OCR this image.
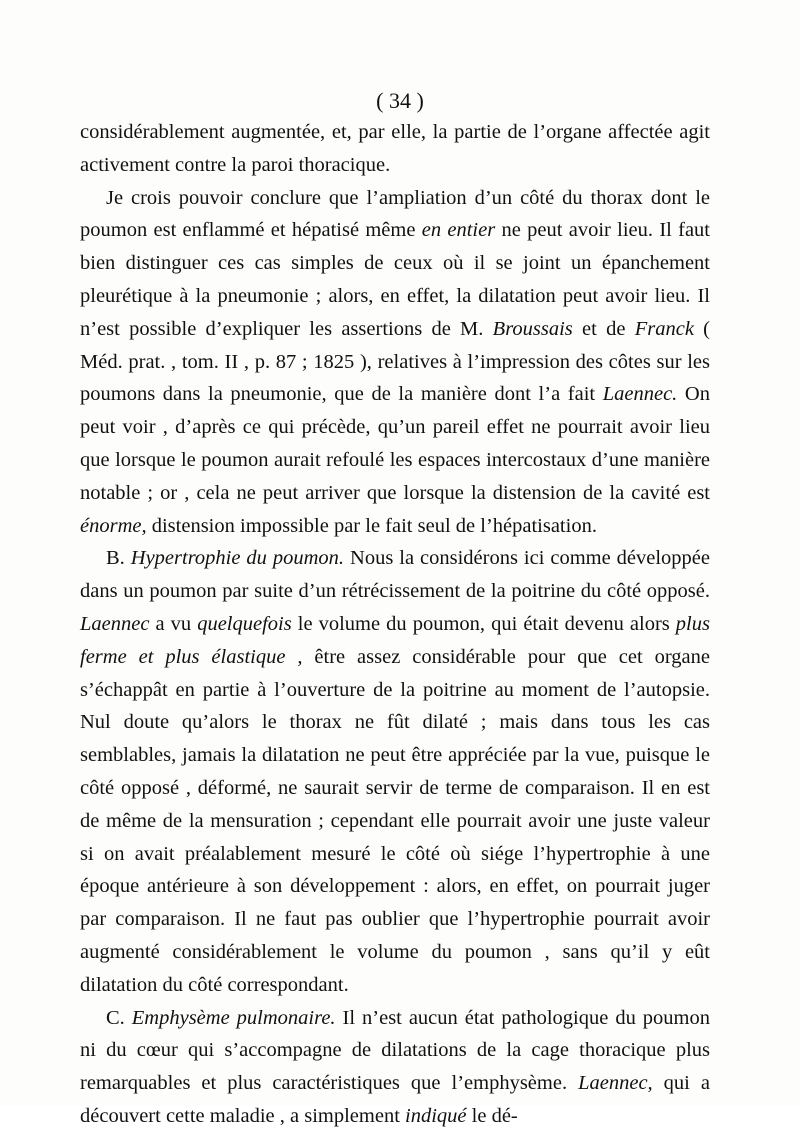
( 34 )

considérablement augmentée, et, par elle, la partie de l’organe affectée agit activement contre la paroi thoracique.

Je crois pouvoir conclure que l’ampliation d’un côté du thorax dont le poumon est enflammé et hépatisé même en entier ne peut avoir lieu. Il faut bien distinguer ces cas simples de ceux où il se joint un épanchement pleurétique à la pneumonie ; alors, en effet, la dilatation peut avoir lieu. Il n’est possible d’expliquer les assertions de M. Broussais et de Franck ( Méd. prat. , tom. II , p. 87 ; 1825 ), relatives à l’impression des côtes sur les poumons dans la pneumonie, que de la manière dont l’a fait Laennec. On peut voir , d’après ce qui précède, qu’un pareil effet ne pourrait avoir lieu que lorsque le poumon aurait refoulé les espaces intercostaux d’une manière notable ; or , cela ne peut arriver que lorsque la distension de la cavité est énorme, distension impossible par le fait seul de l’hépatisation.

B. Hypertrophie du poumon. Nous la considérons ici comme développée dans un poumon par suite d’un rétrécissement de la poitrine du côté opposé. Laennec a vu quelquefois le volume du poumon, qui était devenu alors plus ferme et plus élastique , être assez considérable pour que cet organe s’échappât en partie à l’ouverture de la poitrine au moment de l’autopsie. Nul doute qu’alors le thorax ne fût dilaté ; mais dans tous les cas semblables, jamais la dilatation ne peut être appréciée par la vue, puisque le côté opposé , déformé, ne saurait servir de terme de comparaison. Il en est de même de la mensuration ; cependant elle pourrait avoir une juste valeur si on avait préalablement mesuré le côté où siége l’hypertrophie à une époque antérieure à son développement : alors, en effet, on pourrait juger par comparaison. Il ne faut pas oublier que l’hypertrophie pourrait avoir augmenté considérablement le volume du poumon , sans qu’il y eût dilatation du côté correspondant.

C. Emphysème pulmonaire. Il n’est aucun état pathologique du poumon ni du cœur qui s’accompagne de dilatations de la cage thoracique plus remarquables et plus caractéristiques que l’emphysème. Laennec, qui a découvert cette maladie , a simplement indiqué le dé-
